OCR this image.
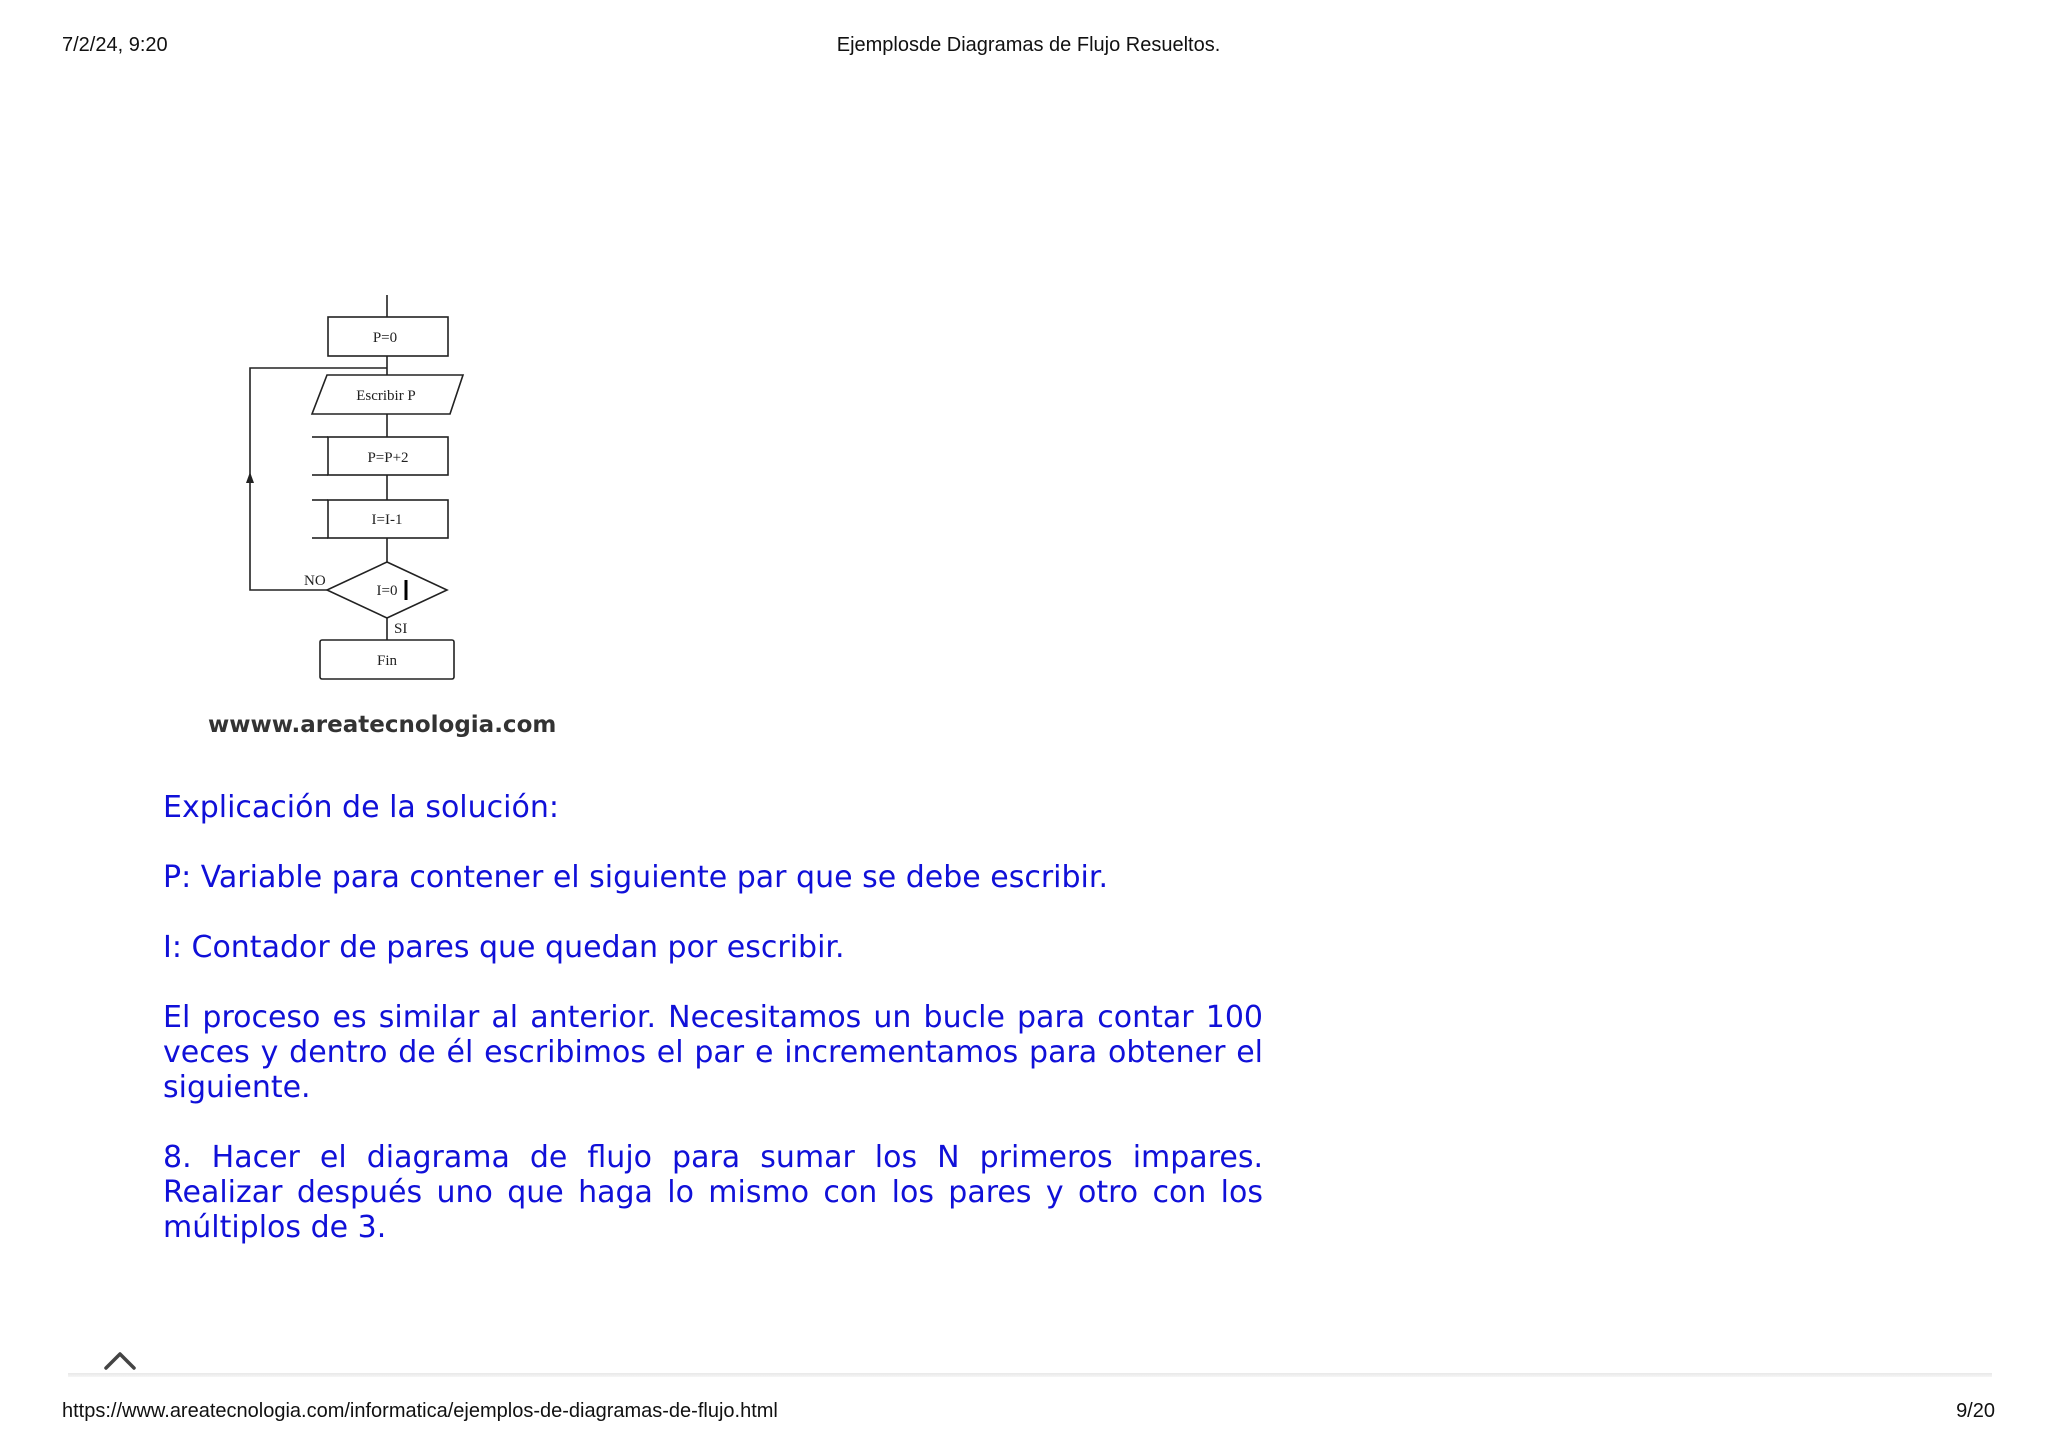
7/2/24, 9:20	Ejemplosde Diagramas de Flujo Resueltos.
P=0
Escribir P
P=P+2
I=I-1
I=0
NO
SI
Fin
wwww.areatecnologia.com

Explicación de la solución:

P: Variable para contener el siguiente par que se debe escribir.

I: Contador de pares que quedan por escribir.

El proceso es similar al anterior. Necesitamos un bucle para contar 100 veces y dentro de él escribimos el par e incrementamos para obtener el siguiente.

8. Hacer el diagrama de flujo para sumar los N primeros impares. Realizar después uno que haga lo mismo con los pares y otro con los múltiplos de 3.

https://www.areatecnologia.com/informatica/ejemplos-de-diagramas-de-flujo.html	9/20
